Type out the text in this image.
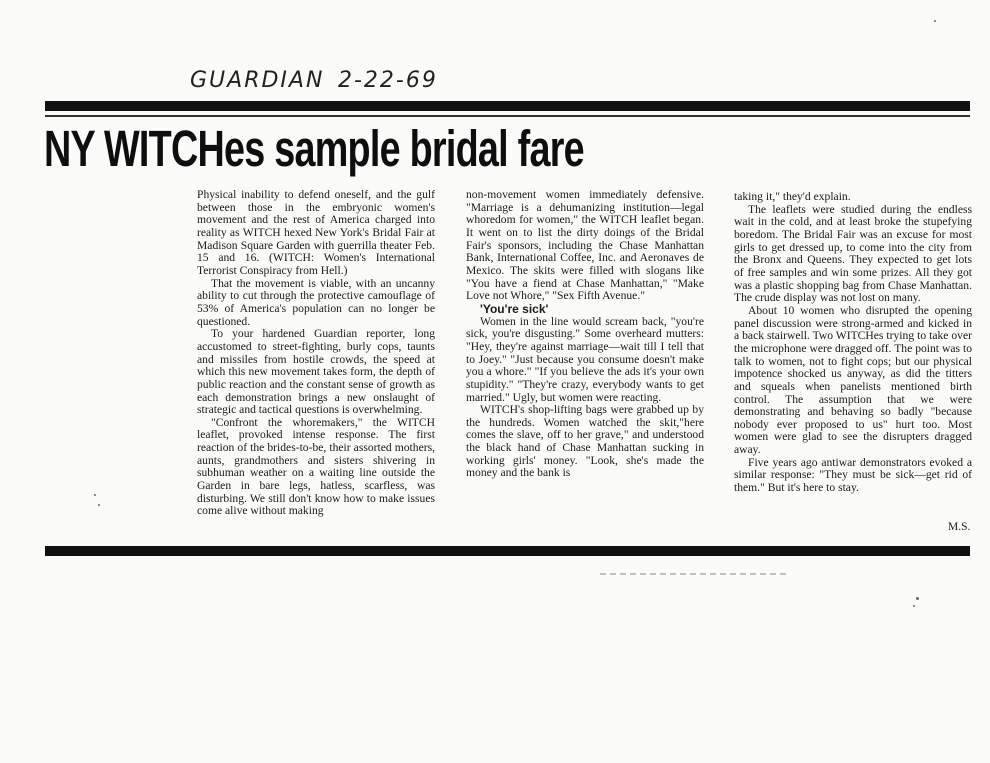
GUARDIAN 2-22-69
NY WITCHes sample bridal fare

Physical inability to defend oneself, and the gulf between those in the embryonic women's movement and the rest of America charged into reality as WITCH hexed New York's Bridal Fair at Madison Square Garden with guerrilla theater Feb. 15 and 16. (WITCH: Women's International Terrorist Conspiracy from Hell.)

That the movement is viable, with an uncanny ability to cut through the protective camouflage of 53% of America's population can no longer be questioned.

To your hardened Guardian reporter, long accustomed to street-fighting, burly cops, taunts and missiles from hostile crowds, the speed at which this new movement takes form, the depth of public reaction and the constant sense of growth as each demonstration brings a new onslaught of strategic and tactical questions is overwhelming.

"Confront the whoremakers," the WITCH leaflet, provoked intense response. The first reaction of the brides-to-be, their assorted mothers, aunts, grandmothers and sisters shivering in subhuman weather on a waiting line outside the Garden in bare legs, hatless, scarfless, was disturbing. We still don't know how to make issues come alive without making

non-movement women immediately defensive. "Marriage is a dehumanizing institution—legal whoredom for women," the WITCH leaflet began. It went on to list the dirty doings of the Bridal Fair's sponsors, including the Chase Manhattan Bank, International Coffee, Inc. and Aeronaves de Mexico. The skits were filled with slogans like "You have a fiend at Chase Manhattan," "Make Love not Whore," "Sex Fifth Avenue."

'You're sick'

Women in the line would scream back, "you're sick, you're disgusting." Some overheard mutters: "Hey, they're against marriage—wait till I tell that to Joey." "Just because you consume doesn't make you a whore." "If you believe the ads it's your own stupidity." "They're crazy, everybody wants to get married." Ugly, but women were reacting.

WITCH's shop-lifting bags were grabbed up by the hundreds. Women watched the skit,"here comes the slave, off to her grave," and understood the black hand of Chase Manhattan sucking in working girls' money. "Look, she's made the money and the bank is

taking it," they'd explain.

The leaflets were studied during the endless wait in the cold, and at least broke the stupefying boredom. The Bridal Fair was an excuse for most girls to get dressed up, to come into the city from the Bronx and Queens. They expected to get lots of free samples and win some prizes. All they got was a plastic shopping bag from Chase Manhattan. The crude display was not lost on many.

About 10 women who disrupted the opening panel discussion were strong-armed and kicked in a back stairwell. Two WITCHes trying to take over the microphone were dragged off. The point was to talk to women, not to fight cops; but our physical impotence shocked us anyway, as did the titters and squeals when panelists mentioned birth control. The assumption that we were demonstrating and behaving so badly "because nobody ever proposed to us" hurt too. Most women were glad to see the disrupters dragged away.

Five years ago antiwar demonstrators evoked a similar response: "They must be sick—get rid of them." But it's here to stay.

M.S.
